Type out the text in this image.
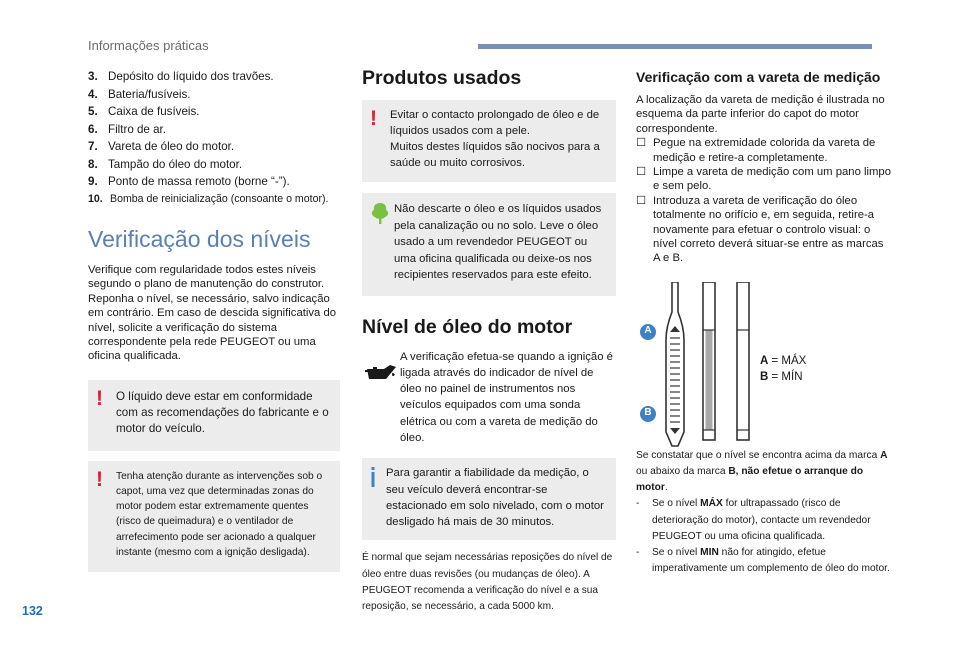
Informações práticas
3. Depósito do líquido dos travões.
4. Bateria/fusíveis.
5. Caixa de fusíveis.
6. Filtro de ar.
7. Vareta de óleo do motor.
8. Tampão do óleo do motor.
9. Ponto de massa remoto (borne “-”).
10. Bomba de reinicialização (consoante o motor).
Verificação dos níveis

Verifique com regularidade todos estes níveis segundo o plano de manutenção do construtor. Reponha o nível, se necessário, salvo indicação em contrário. Em caso de descida significativa do nível, solicite a verificação do sistema correspondente pela rede PEUGEOT ou uma oficina qualificada.

! O líquido deve estar em conformidade com as recomendações do fabricante e o motor do veículo.

! Tenha atenção durante as intervenções sob o capot, uma vez que determinadas zonas do motor podem estar extremamente quentes (risco de queimadura) e o ventilador de arrefecimento pode ser acionado a qualquer instante (mesmo com a ignição desligada).

Produtos usados
! Evitar o contacto prolongado de óleo e de líquidos usados com a pele.

Muitos destes líquidos são nocivos para a saúde ou muito corrosivos.

Não descarte o óleo e os líquidos usados pela canalização ou no solo. Leve o óleo usado a um revendedor PEUGEOT ou uma oficina qualificada ou deixe-os nos recipientes reservados para este efeito.

Nível de óleo do motor

A verificação efetua-se quando a ignição é ligada através do indicador de nível de óleo no painel de instrumentos nos veículos equipados com uma sonda elétrica ou com a vareta de medição do óleo.

Para garantir a fiabilidade da medição, o seu veículo deverá encontrar-se estacionado em solo nivelado, com o motor desligado há mais de 30 minutos.

É normal que sejam necessárias reposições do nível de óleo entre duas revisões (ou mudanças de óleo). A PEUGEOT recomenda a verificação do nível e a sua reposição, se necessário, a cada 5000 km.

Verificação com a vareta de medição

A localização da vareta de medição é ilustrada no esquema da parte inferior do capot do motor correspondente.

☐ Pegue na extremidade colorida da vareta de medição e retire-a completamente.
☐ Limpe a vareta de medição com um pano limpo e sem pelo.
☐ Introduza a vareta de verificação do óleo totalmente no orifício e, em seguida, retire-a novamente para efetuar o controlo visual: o nível correto deverá situar-se entre as marcas A e B.
A
B
A = MÁX
B = MÍN

Se constatar que o nível se encontra acima da marca A ou abaixo da marca B, não efetue o arranque do motor.

- Se o nível MÁX for ultrapassado (risco de deterioração do motor), contacte um revendedor PEUGEOT ou uma oficina qualificada.
- Se o nível MIN não for atingido, efetue imperativamente um complemento de óleo do motor.
132
